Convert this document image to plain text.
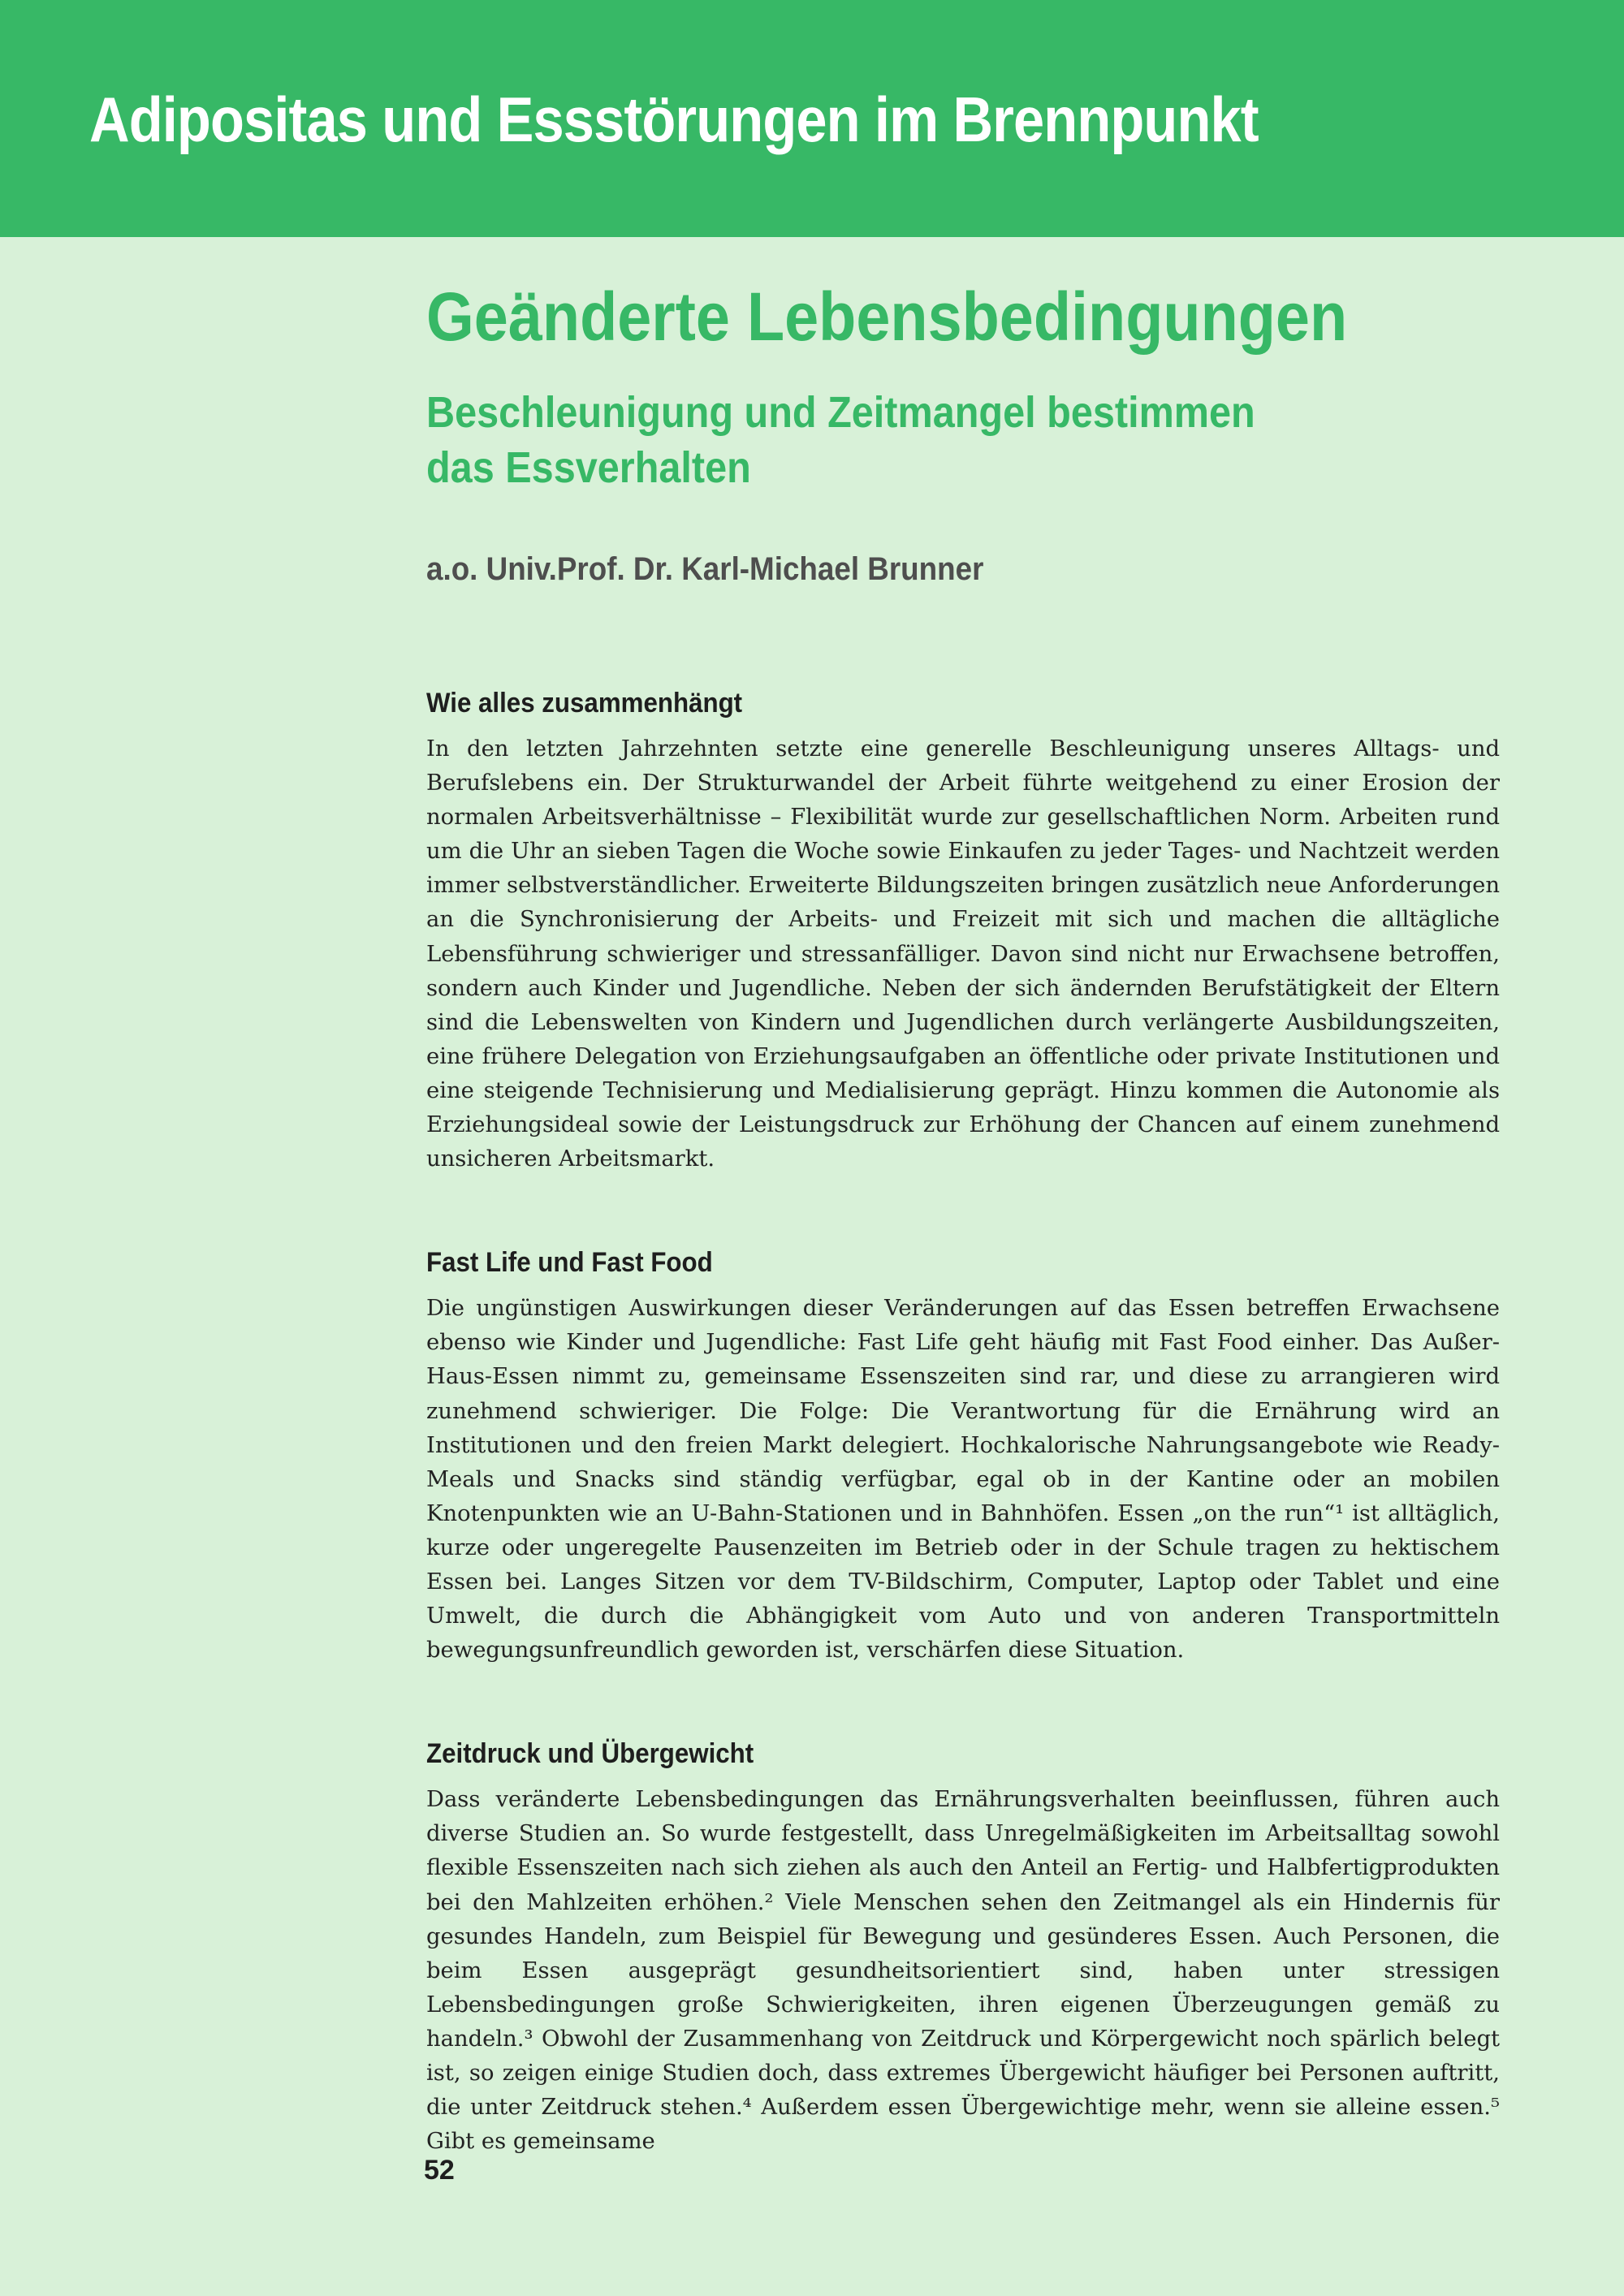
Adipositas und Essstörungen im Brennpunkt
Geänderte Lebensbedingungen
Beschleunigung und Zeitmangel bestimmen
das Essverhalten

a.o. Univ.Prof. Dr. Karl-Michael Brunner

Wie alles zusammenhängt

In den letzten Jahrzehnten setzte eine generelle Beschleunigung unseres Alltags- und Berufslebens ein. Der Strukturwandel der Arbeit führte weitgehend zu einer Erosion der normalen Arbeitsverhältnisse – Flexibilität wurde zur gesellschaftlichen Norm. Arbeiten rund um die Uhr an sieben Tagen die Woche sowie Einkaufen zu jeder Tages- und Nachtzeit werden immer selbstverständlicher. Erweiterte Bildungszeiten bringen zusätzlich neue Anforderungen an die Synchronisierung der Arbeits- und Freizeit mit sich und machen die alltägliche Lebensführung schwieriger und stressanfälliger. Davon sind nicht nur Erwachsene betroffen, sondern auch Kinder und Jugendliche. Neben der sich ändernden Berufstätigkeit der Eltern sind die Lebenswelten von Kindern und Jugendlichen durch verlängerte Ausbildungszeiten, eine frühere Delegation von Erziehungsaufgaben an öffentliche oder private Institutionen und eine steigende Technisierung und Medialisierung geprägt. Hinzu kommen die Autonomie als Erziehungsideal sowie der Leistungsdruck zur Erhöhung der Chancen auf einem zunehmend unsicheren Arbeitsmarkt.

Fast Life und Fast Food

Die ungünstigen Auswirkungen dieser Veränderungen auf das Essen betreffen Erwachsene ebenso wie Kinder und Jugendliche: Fast Life geht häufig mit Fast Food einher. Das Außer-Haus-Essen nimmt zu, gemeinsame Essenszeiten sind rar, und diese zu arrangieren wird zunehmend schwieriger. Die Folge: Die Verantwortung für die Ernährung wird an Institutionen und den freien Markt delegiert. Hochkalorische Nahrungsangebote wie Ready-Meals und Snacks sind ständig verfügbar, egal ob in der Kantine oder an mobilen Knotenpunkten wie an U-Bahn-Stationen und in Bahnhöfen. Essen „on the run“¹ ist alltäglich, kurze oder ungeregelte Pausenzeiten im Betrieb oder in der Schule tragen zu hektischem Essen bei. Langes Sitzen vor dem TV-Bildschirm, Computer, Laptop oder Tablet und eine Umwelt, die durch die Abhängigkeit vom Auto und von anderen Transportmitteln bewegungsunfreundlich geworden ist, verschärfen diese Situation.

Zeitdruck und Übergewicht

Dass veränderte Lebensbedingungen das Ernährungsverhalten beeinflussen, führen auch diverse Studien an. So wurde festgestellt, dass Unregelmäßigkeiten im Arbeitsalltag sowohl flexible Essenszeiten nach sich ziehen als auch den Anteil an Fertig- und Halbfertigprodukten bei den Mahlzeiten erhöhen.² Viele Menschen sehen den Zeitmangel als ein Hindernis für gesundes Handeln, zum Beispiel für Bewegung und gesünderes Essen. Auch Personen, die beim Essen ausgeprägt gesundheitsorientiert sind, haben unter stressigen Lebensbedingungen große Schwierigkeiten, ihren eigenen Überzeugungen gemäß zu handeln.³ Obwohl der Zusammenhang von Zeitdruck und Körpergewicht noch spärlich belegt ist, so zeigen einige Studien doch, dass extremes Übergewicht häufiger bei Personen auftritt, die unter Zeitdruck stehen.⁴ Außerdem essen Übergewichtige mehr, wenn sie alleine essen.⁵ Gibt es gemeinsame

52
